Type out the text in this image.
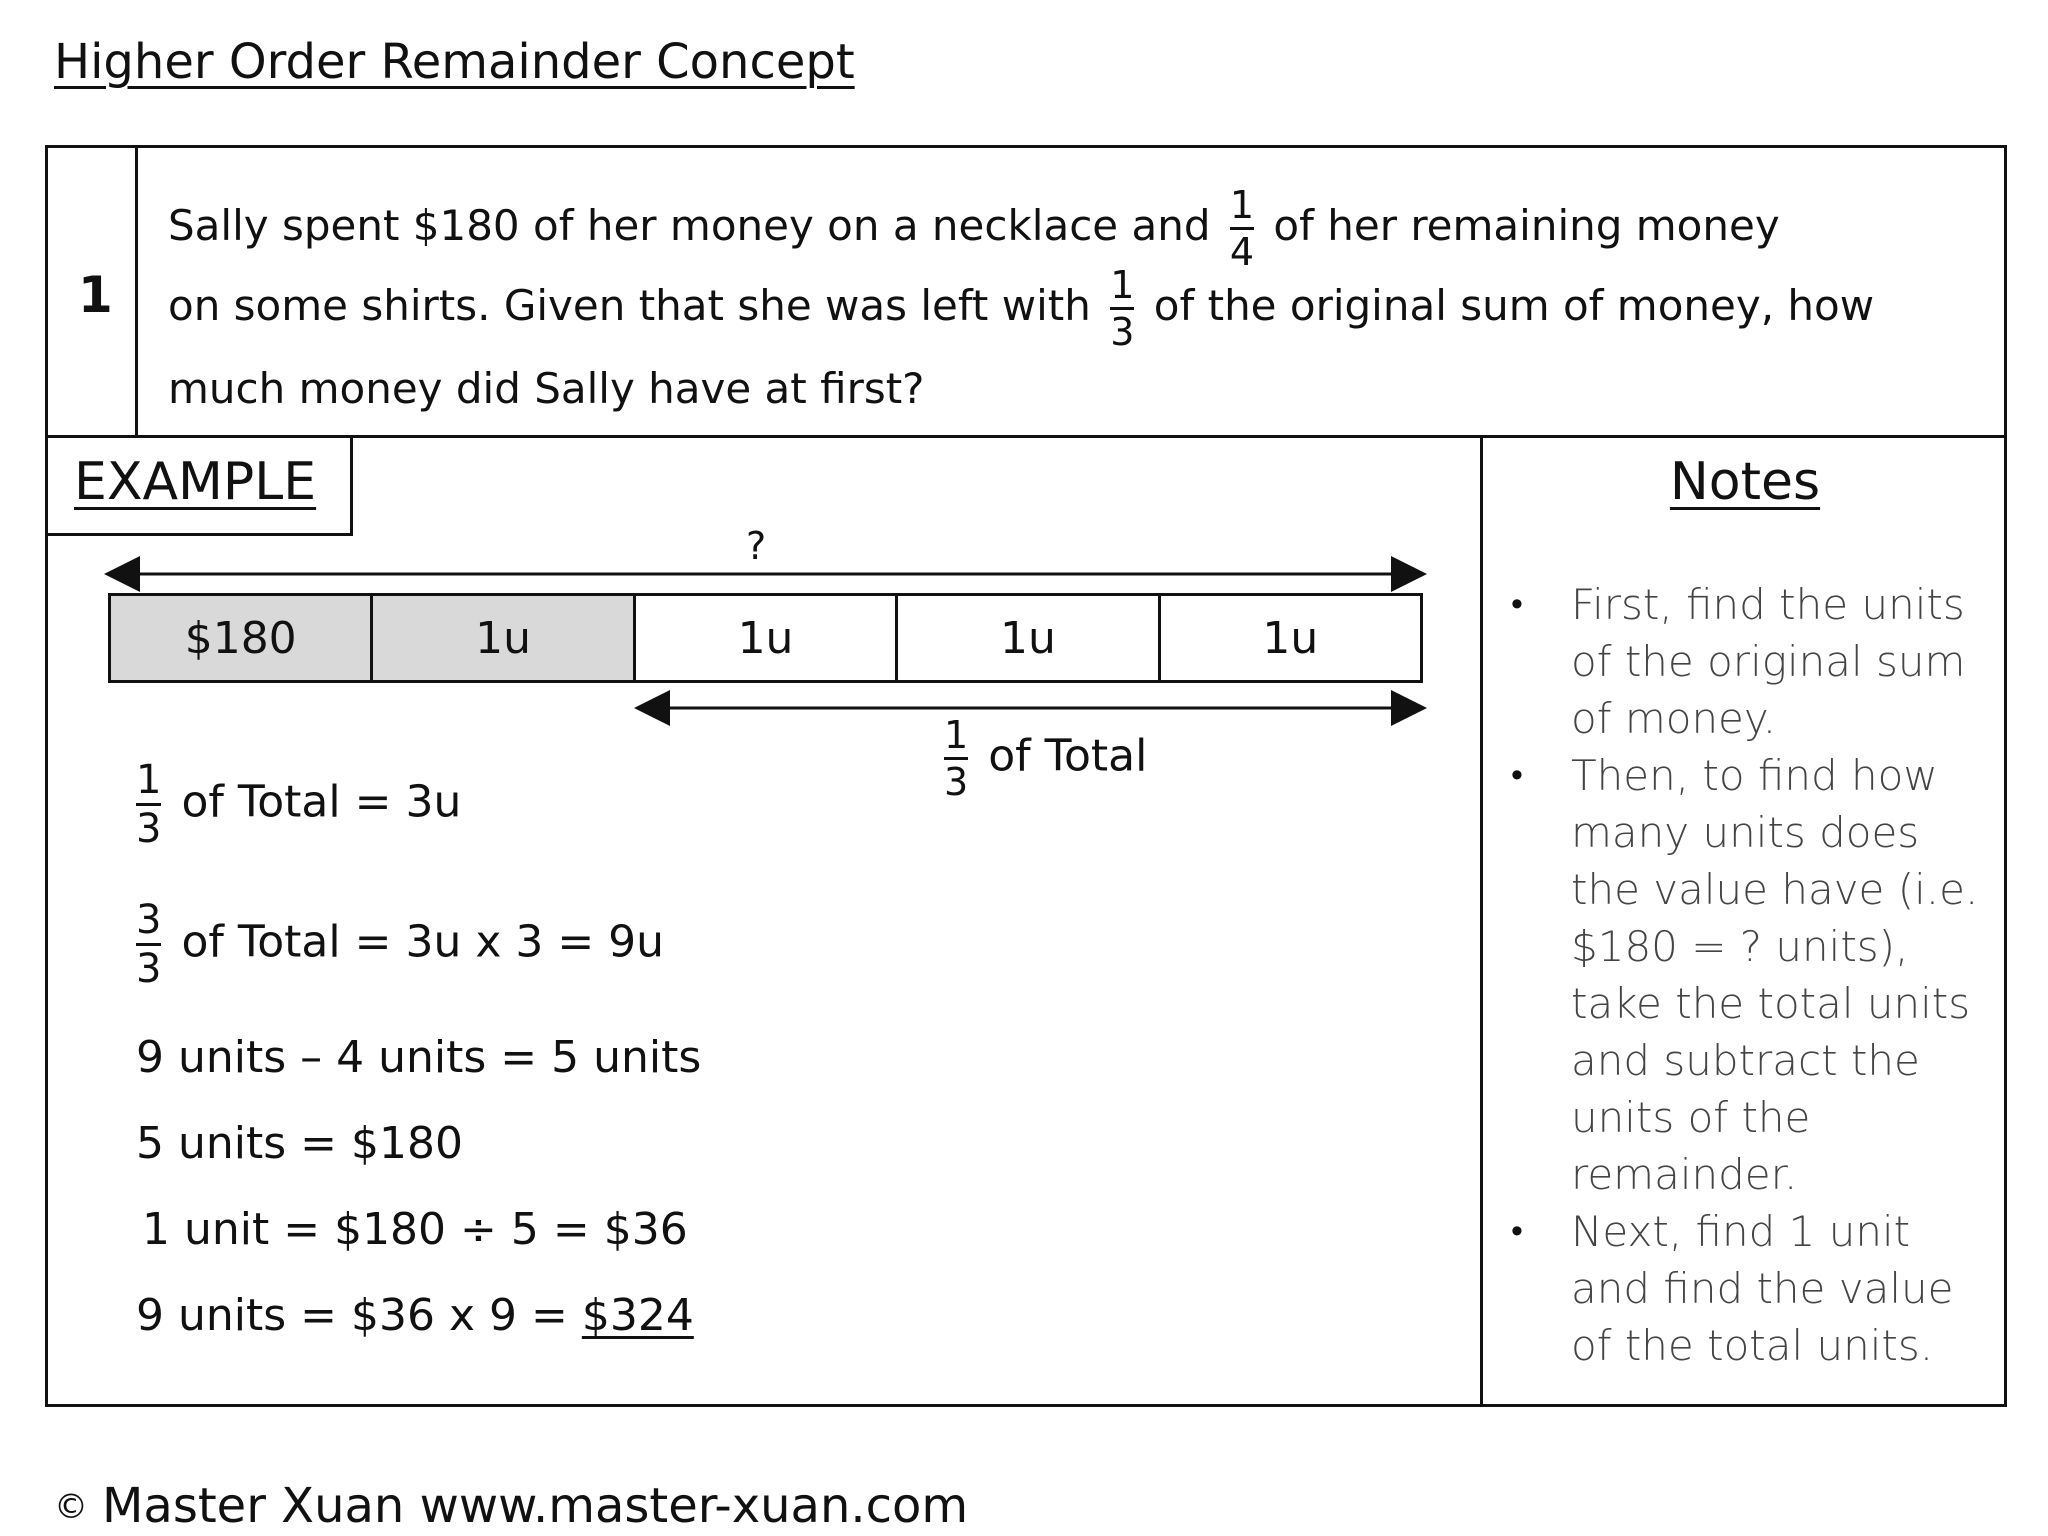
Higher Order Remainder Concept
1
Sally spent $180 of her money on a necklace and $\frac{1}{4}$ of her remaining money
on some shirts. Given that she was left with $\frac{1}{3}$ of the original sum of money, how
much money did Sally have at first?
EXAMPLE
?
$180	1u	1u	1u	1u
$\frac{1}{3}$ of Total
$\frac{1}{3}$ of Total = 3u
$\frac{3}{3}$ of Total = 3u x 3 = 9u
9 units – 4 units = 5 units
5 units = $180
1 unit = $180 ÷ 5 = $36
9 units = $36 x 9 = $324
Notes
• First, find the units of the original sum of money.
• Then, to find how many units does the value have (i.e. $180 = ? units), take the total units and subtract the units of the remainder.
• Next, find 1 unit and find the value of the total units.
© Master Xuan www.master-xuan.com
